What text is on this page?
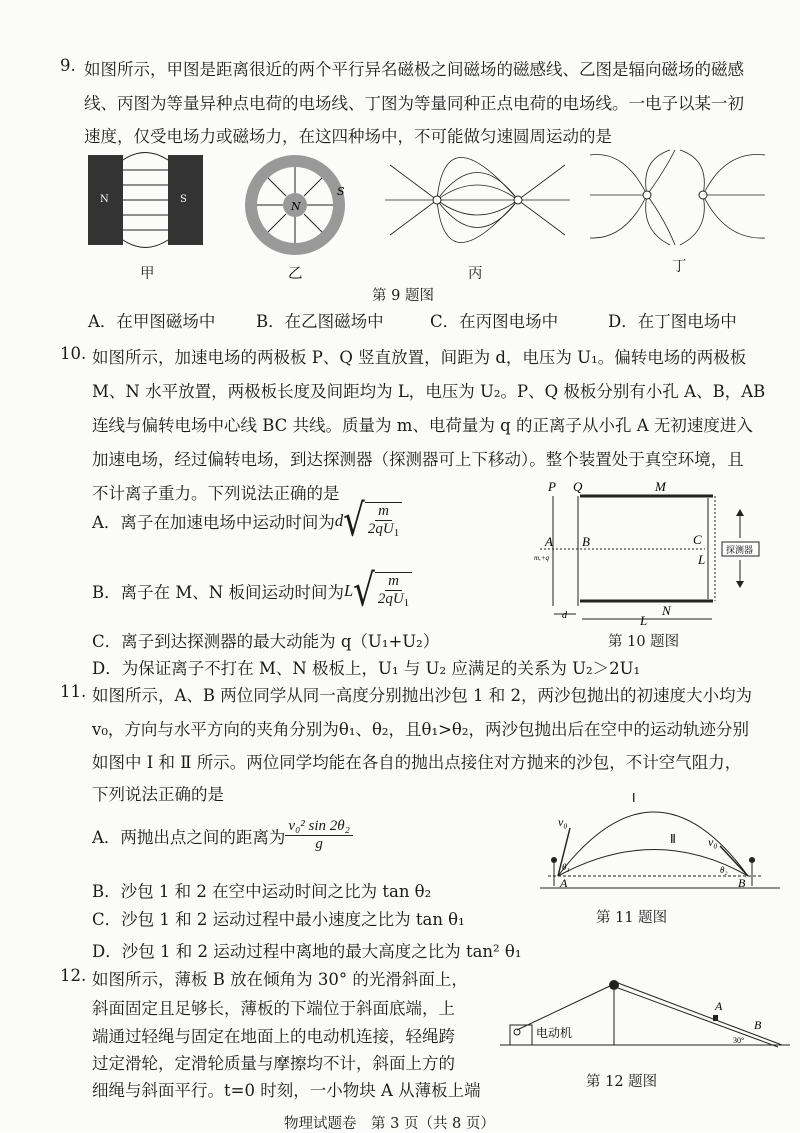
9. 如图所示，甲图是距离很近的两个平行异名磁极之间磁场的磁感线、乙图是辐向磁场的磁感
线、丙图为等量异种点电荷的电场线、丁图为等量同种正点电荷的电场线。一电子以某一初
速度，仅受电场力或磁场力，在这四种场中，不可能做匀速圆周运动的是
N	S
甲
N
S
乙	丙	丁
第 9 题图
A．在甲图磁场中 B．在乙图磁场中	C．在丙图电场中	D．在丁图电场中
10. 如图所示，加速电场的两极板 P、Q 竖直放置，间距为 d，电压为 U₁。偏转电场的两极板
M、N 水平放置，两极板长度及间距均为 L，电压为 U₂。P、Q 极板分别有小孔 A、B，AB
连线与偏转电场中心线 BC 共线。质量为 m、电荷量为 q 的正离子从小孔 A 无初速度进入
加速电场，经过偏转电场，到达探测器（探测器可上下移动）。整个装置处于真空环境，且
不计离子重力。下列说法正确的是
A．离子在加速电场中运动时间为 d √ $\frac{m}{2qU_1}$
B．离子在 M、N 板间运动时间为 L √ $\frac{m}{2qU_1}$
C．离子到达探测器的最大动能为 q（U₁+U₂）
D．为保证离子不打在 M、N 极板上，U₁ 与 U₂ 应满足的关系为 U₂＞2U₁
P Q	M
N
A B	C
L
L
d
m,+q
探测器
第 10 题图
11. 如图所示，A、B 两位同学从同一高度分别抛出沙包 1 和 2，两沙包抛出的初速度大小均为
v₀，方向与水平方向的夹角分别为θ₁、θ₂，且θ₁>θ₂，两沙包抛出后在空中的运动轨迹分别
如图中 Ⅰ 和 Ⅱ 所示。两位同学均能在各自的抛出点接住对方抛来的沙包，不计空气阻力，
下列说法正确的是
A．两抛出点之间的距离为 $\frac{\text{v₀² sin 2θ₂}}{g}$
B．沙包 1 和 2 在空中运动时间之比为 tan θ₂
C．沙包 1 和 2 运动过程中最小速度之比为 tan θ₁
D．沙包 1 和 2 运动过程中离地的最大高度之比为 tan² θ₁
v₀
v₀
Ⅰ
Ⅱ
θ₁	θ₂
A	B
第 11 题图
12. 如图所示，薄板 B 放在倾角为 30° 的光滑斜面上，
斜面固定且足够长，薄板的下端位于斜面底端，上
端通过轻绳与固定在地面上的电动机连接，轻绳跨
过定滑轮，定滑轮质量与摩擦均不计，斜面上方的
细绳与斜面平行。t=0 时刻，一小物块 A 从薄板上端
电动机
A
B
30°
第 12 题图
物理试题卷　第 3 页（共 8 页）
